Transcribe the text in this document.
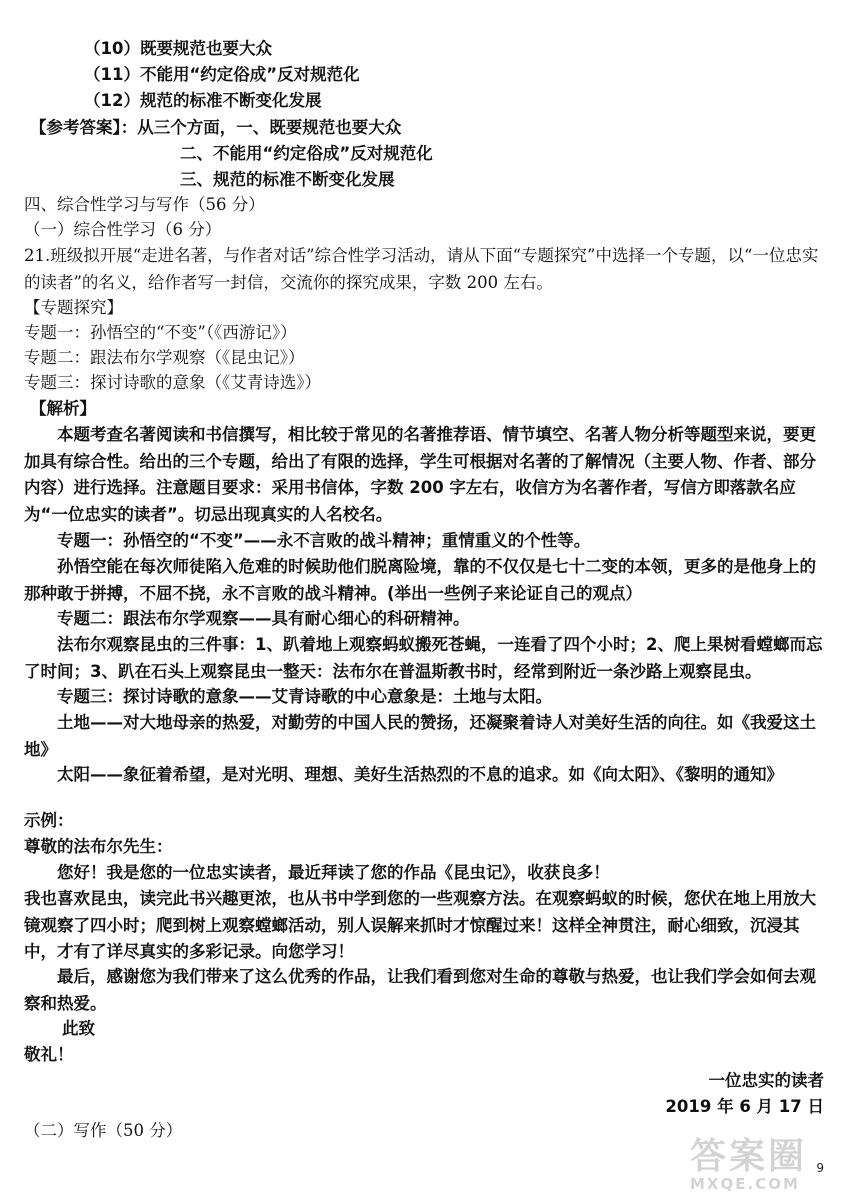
（10）既要规范也要大众
（11）不能用“约定俗成”反对规范化
（12）规范的标准不断变化发展
【参考答案】：从三个方面，一、既要规范也要大众
二、不能用“约定俗成”反对规范化
三、规范的标准不断变化发展
四、综合性学习与写作（56 分）
（一）综合性学习（6 分）
21.班级拟开展“走进名著，与作者对话”综合性学习活动，请从下面“专题探究”中选择一个专题，以“一位忠实的读者”的名义，给作者写一封信，交流你的探究成果，字数 200 左右。
【专题探究】
专题一：孙悟空的“不变”（《西游记》）
专题二：跟法布尔学观察（《昆虫记》）
专题三：探讨诗歌的意象（《艾青诗选》）
【解析】
本题考查名著阅读和书信撰写，相比较于常见的名著推荐语、情节填空、名著人物分析等题型来说，要更加具有综合性。给出的三个专题，给出了有限的选择，学生可根据对名著的了解情况（主要人物、作者、部分内容）进行选择。注意题目要求：采用书信体，字数 200 字左右，收信方为名著作者，写信方即落款名应为“一位忠实的读者”。切忌出现真实的人名校名。
专题一：孙悟空的“不变”——永不言败的战斗精神；重情重义的个性等。
孙悟空能在每次师徒陷入危难的时候助他们脱离险境，靠的不仅仅是七十二变的本领，更多的是他身上的那种敢于拼搏，不屈不挠，永不言败的战斗精神。(举出一些例子来论证自己的观点）
专题二：跟法布尔学观察——具有耐心细心的科研精神。
法布尔观察昆虫的三件事：1、趴着地上观察蚂蚁搬死苍蝇，一连看了四个小时；2、爬上果树看螳螂而忘了时间；3、趴在石头上观察昆虫一整天：法布尔在普温斯教书时，经常到附近一条沙路上观察昆虫。
专题三：探讨诗歌的意象——艾青诗歌的中心意象是：土地与太阳。
土地——对大地母亲的热爱，对勤劳的中国人民的赞扬，还凝聚着诗人对美好生活的向往。如《我爱这土地》
太阳——象征着希望，是对光明、理想、美好生活热烈的不息的追求。如《向太阳》、《黎明的通知》
示例：
尊敬的法布尔先生：
您好！我是您的一位忠实读者，最近拜读了您的作品《昆虫记》，收获良多！
我也喜欢昆虫，读完此书兴趣更浓，也从书中学到您的一些观察方法。在观察蚂蚁的时候，您伏在地上用放大镜观察了四小时；爬到树上观察螳螂活动，别人误解来抓时才惊醒过来！这样全神贯注，耐心细致，沉浸其中，才有了详尽真实的多彩记录。向您学习！
最后，感谢您为我们带来了这么优秀的作品，让我们看到您对生命的尊敬与热爱，也让我们学会如何去观察和热爱。
此致
敬礼！
一位忠实的读者
2019 年 6 月 17 日
（二）写作（50 分）
答案圈
MXQE.COM
9
